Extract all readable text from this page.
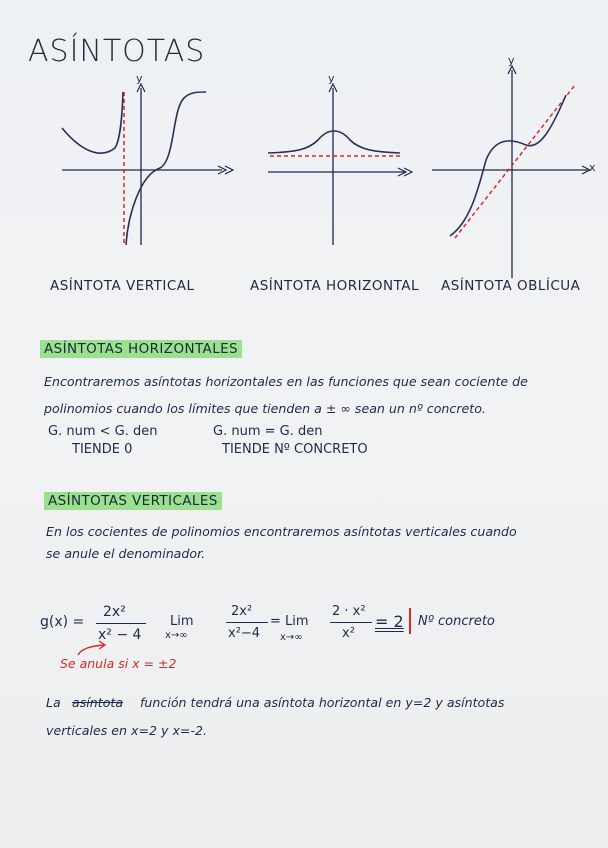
ASÍNTOTAS
y	y
x
y
ASÍNTOTA VERTICAL	ASÍNTOTA HORIZONTAL ASÍNTOTA OBLÍCUA
ASÍNTOTAS HORIZONTALES
Encontraremos asíntotas horizontales en las funciones que sean cociente de
polinomios cuando los límites que tienden a ± ∞ sean un nº concreto.
G. num < G. den
TIENDE 0
G. num = G. den
TIENDE Nº CONCRETO
ASÍNTOTAS VERTICALES
En los cocientes de polinomios encontraremos asíntotas verticales cuando
se anule el denominador.
g(x) =
2x²
x² − 4
Lim
x→∞
2x²
x²−4
= Lim
x→∞
2 · x²
x²
= 2 Nº concreto
Se anula si x = ±2
La asíntota función tendrá una asíntota horizontal en y=2 y asíntotas
verticales en x=2 y x=-2.
